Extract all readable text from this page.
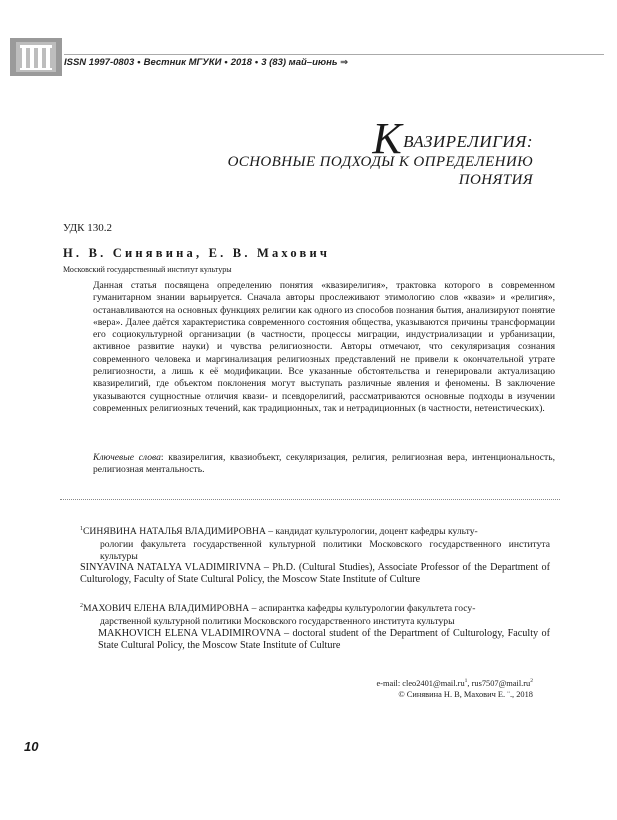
ISSN 1997-0803 • Вестник МГУКИ • 2018 • 3 (83) май–июнь ⇒
КВАЗИРЕЛИГИЯ:
ОСНОВНЫЕ ПОДХОДЫ К ОПРЕДЕЛЕНИЮ
ПОНЯТИЯ
УДК 130.2
Н. В. Синявина, Е. В. Махович
Московский государственный институт культуры
Данная статья посвящена определению понятия «квазирелигия», трактовка которого в современном гуманитарном знании варьируется. Сначала авторы прослеживают этимологию слов «квази» и «религия», останавливаются на основных функциях религии как одного из способов познания бытия, анализируют понятие «вера». Далее даётся характеристика современного состояния общества, указываются причины трансформации его социокультурной организации (в частности, процессы миграции, индустриализации и урбанизации, активное развитие науки) и чувства религиозности. Авторы отмечают, что секуляризация сознания современного человека и маргинализация религиозных представлений не привели к окончательной утрате религиозности, а лишь к её модификации. Все указанные обстоятельства и генерировали актуализацию квазирелигий, где объектом поклонения могут выступать различные явления и феномены. В заключение указываются сущностные отличия квази- и псевдорелигий, рассматриваются основные подходы в изучении современных религиозных течений, как традиционных, так и нетрадиционных (в частности, нетеистических).
Ключевые слова: квазирелигия, квазиобъект, секуляризация, религия, религиозная вера, интенциональность, религиозная ментальность.
$^1$СИНЯВИНА НАТАЛЬЯ ВЛАДИМИРОВНА – кандидат культурологии, доцент кафедры культу-
рологии факультета государственной культурной политики Московского государственного института культуры
SINYAVINA NATALYA VLADIMIRIVNA – Ph.D. (Cultural Studies), Associate Professor of the Department of Culturology, Faculty of State Cultural Policy, the Moscow State Institute of Culture
$^2$МАХОВИЧ ЕЛЕНА ВЛАДИМИРОВНА – аспирантка кафедры культурологии факультета госу-
дарственной культурной политики Московского государственного института культуры
MAKHOVICH ELENA VLADIMIROVNA – doctoral student of the Department of Culturology, Faculty of State Cultural Policy, the Moscow State Institute of Culture
e-mail: $cleo2401@mail.ru^1$, $rus7507@mail.ru^2$
© Синявина Н. В, Махович Е. ¨., 2018
10
